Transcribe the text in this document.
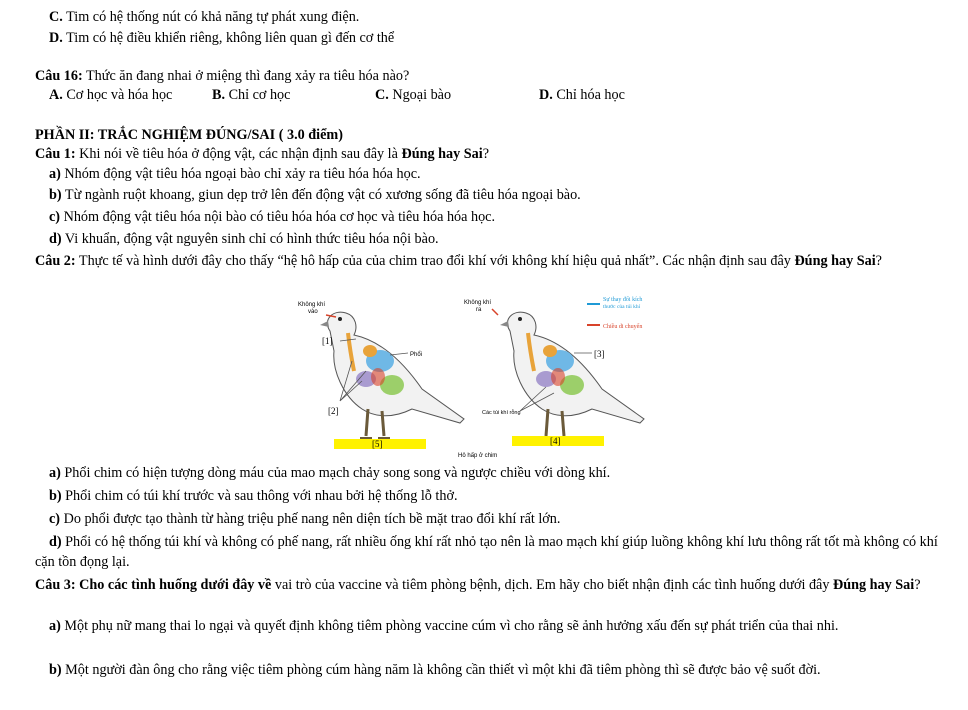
C. Tim có hệ thống nút có khả năng tự phát xung điện.
D. Tim có hệ điều khiển riêng, không liên quan gì đến cơ thể
Câu 16: Thức ăn đang nhai ở miệng thì đang xảy ra tiêu hóa nào?
A. Cơ học và hóa học	B. Chỉ cơ học	C. Ngoại bào	D. Chỉ hóa học
PHẦN II: TRẮC NGHIỆM ĐÚNG/SAI ( 3.0 điểm)
Câu 1: Khi nói về tiêu hóa ở động vật, các nhận định sau đây là Đúng hay Sai?
a) Nhóm động vật tiêu hóa ngoại bào chỉ xảy ra tiêu hóa hóa học.
b) Từ ngành ruột khoang, giun dẹp trở lên đến động vật có xương sống đã tiêu hóa ngoại bào.
c) Nhóm động vật tiêu hóa nội bào có tiêu hóa hóa cơ học và tiêu hóa hóa học.
d) Vi khuẩn, động vật nguyên sinh chỉ có hình thức tiêu hóa nội bào.
Câu 2: Thực tế và hình dưới đây cho thấy “hệ hô hấp của của chim trao đổi khí với không khí hiệu quả nhất”. Các nhận định sau đây Đúng hay Sai?
Không khí
vào
Không khí
ra
Sự thay đổi kích
thước của túi khí
Chiều di chuyển
[1]
[2]
Phổi	[3]
Các túi khí rỗng
[5]	[4]
Hô hấp ở chim
a) Phổi chim có hiện tượng dòng máu của mao mạch chảy song song và ngược chiều với dòng khí.
b) Phổi chim có túi khí trước và sau thông với nhau bởi hệ thống lỗ thở.
c) Do phổi được tạo thành từ hàng triệu phế nang nên diện tích bề mặt trao đổi khí rất lớn.
d) Phổi có hệ thống túi khí và không có phế nang, rất nhiều ống khí rất nhỏ tạo nên là mao mạch khí giúp luồng không khí lưu thông rất tốt mà không có khí cặn tồn đọng lại.
Câu 3: Cho các tình huống dưới đây về vai trò của vaccine và tiêm phòng bệnh, dịch. Em hãy cho biết nhận định các tình huống dưới đây Đúng hay Sai?
a) Một phụ nữ mang thai lo ngại và quyết định không tiêm phòng vaccine cúm vì cho rằng sẽ ảnh hưởng xấu đến sự phát triển của thai nhi.
b) Một người đàn ông cho rằng việc tiêm phòng cúm hàng năm là không cần thiết vì một khi đã tiêm phòng thì sẽ được bảo vệ suốt đời.
